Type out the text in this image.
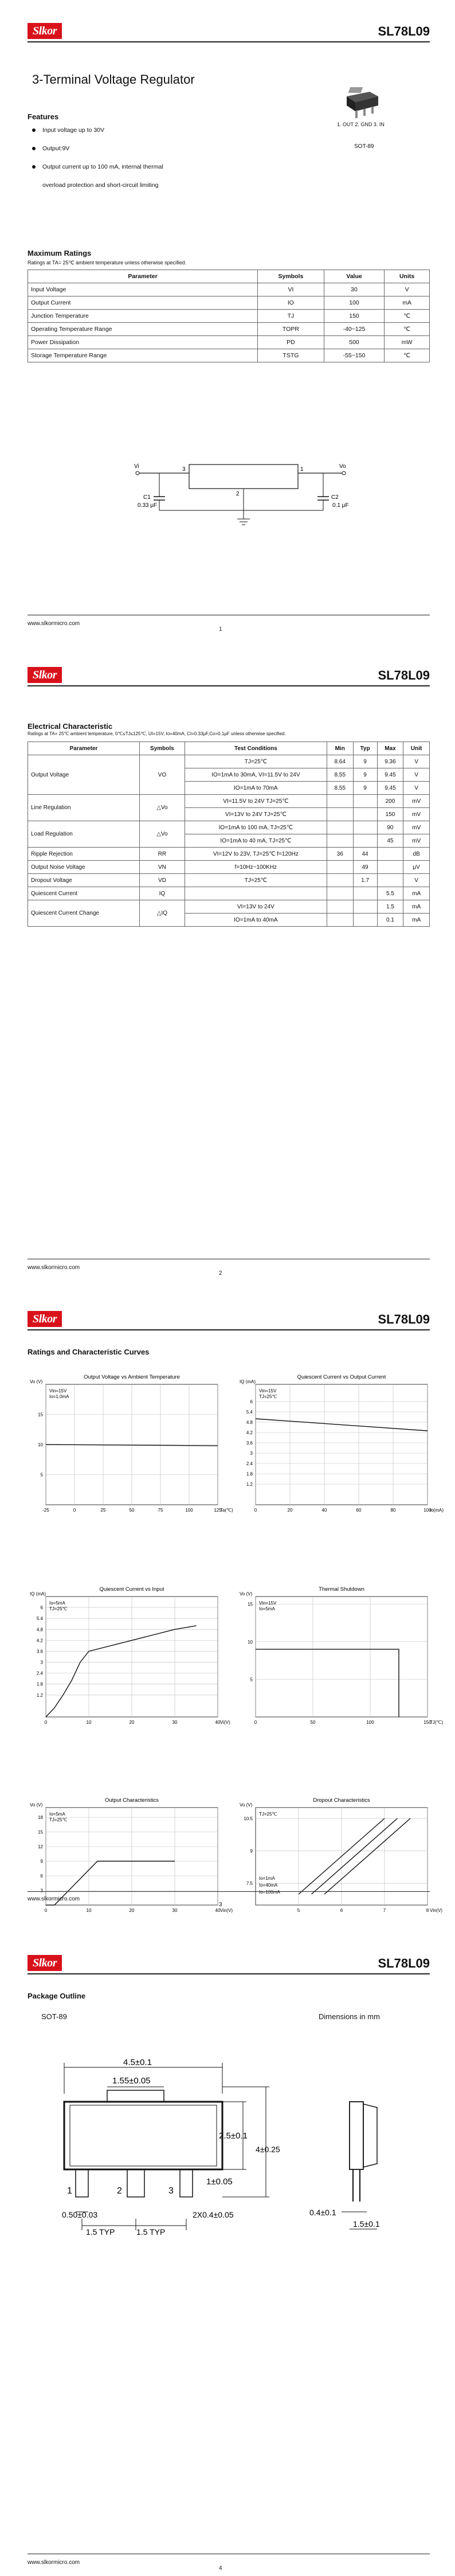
Slkor	SL78L09
3-Terminal Voltage Regulator
Features
Input voltage up to 30V
Output:9V
Output current up to 100 mA, internal thermal
overload protection and short-circuit limiting
1. OUT 2. GND 3. IN
SOT-89
Maximum Ratings
Ratings at TA= 25℃ ambient temperature unless otherwise specified.
Parameter	Symbols	Value	Units
Input Voltage	VI	30	V
Output Current	IO	100	mA
Junction Temperature	TJ	150	℃
Operating Temperature Range	TOPR	-40~125	℃
Power Dissipation	PD	500	mW
Storage Temperature Range	TSTG	-55~150	℃
Vi	Vo
3	1
2
C1
0.33 μF
C2
0.1 μF
www.slkormicro.com
1
Slkor	SL78L09
Electrical Characteristic
Ratings at TA= 25℃ ambient temperature, 0℃≤TJ≤125℃, UI=15V, Io=40mA, CI=0.33μF,Co=0.1μF unless otherwise specified.
Parameter	Symbols	Test Conditions	Min	Typ	Max	Unit
Output Voltage	VO	TJ=25℃	8.64	9	9.36	V
		IO=1mA to 30mA, VI=11.5V to 24V	8.55	9	9.45	V
		IO=1mA to 70mA	8.55	9	9.45	V
Line Regulation	△Vo	VI=11.5V to 24V TJ=25℃			200	mV
		VI=13V to 24V TJ=25℃			150	mV
Load Regulation	△Vo	IO=1mA to 100 mA, TJ=25℃			90	mV
		IO=1mA to 40 mA, TJ=25℃			45	mV
Ripple Rejection	RR	VI=12V to 23V, TJ=25℃ f=120Hz	36	44		dB
Output Noise Voltage	VN	f=10Hz~100KHz		49		μV
Dropout Voltage	VD	TJ=25℃		1.7		V
Quiescent Current	IQ				5.5	mA
Quiescent Current Change	△IQ	VI=13V to 24V			1.5	mA
		IO=1mA to 40mA			0.1	mA
www.slkormicro.com
2
Slkor	SL78L09
Ratings and Characteristic Curves
Output Voltage vs Ambient Temperature
-25	0	25	50	75	100	125
5
10
15
Vo (V)
Ta(℃)
Vin=15V
Io=1.0mA
Quiescent Current vs Output Current
0	20	40	60	80	100
1.2
1.8
2.4
3
3.6
4.2
4.8
5.4
6
IQ (mA)
Io(mA)
Vin=15V
TJ=25℃
Quiescent Current vs Input
0	10	20	30	40
1.2
1.8
2.4
3
3.6
4.2
4.8
5.4
6
IQ (mA)
Vi(V)
Io=5mA
TJ=25℃
Thermal Shutdown
0	50	100	150
5
10
15
Vo (V)
TJ(℃)
Vin=15V
Io=5mA
Output Characteristics
0	10	20	30	40
3
6
9
12
15
18
Vo (V)
Vin(V)
Io=5mA
TJ=25℃
Dropout Characteristics
5	6	7	8
7.5
9
10.5
Vo (V)
Vin(V)
TJ=25℃
Io=1mA
Io=40mA
Io=100mA
www.slkormicro.com
3
Slkor	SL78L09
Package Outline
SOT-89	Dimensions in mm
4.5±0.1
1.55±0.05
1	2	3
2.5±0.1
4±0.25
1±0.05
0.50±0.03	2X0.4±0.05
1.5 TYP	1.5 TYP
0.4±0.1
1.5±0.1
www.slkormicro.com
4
